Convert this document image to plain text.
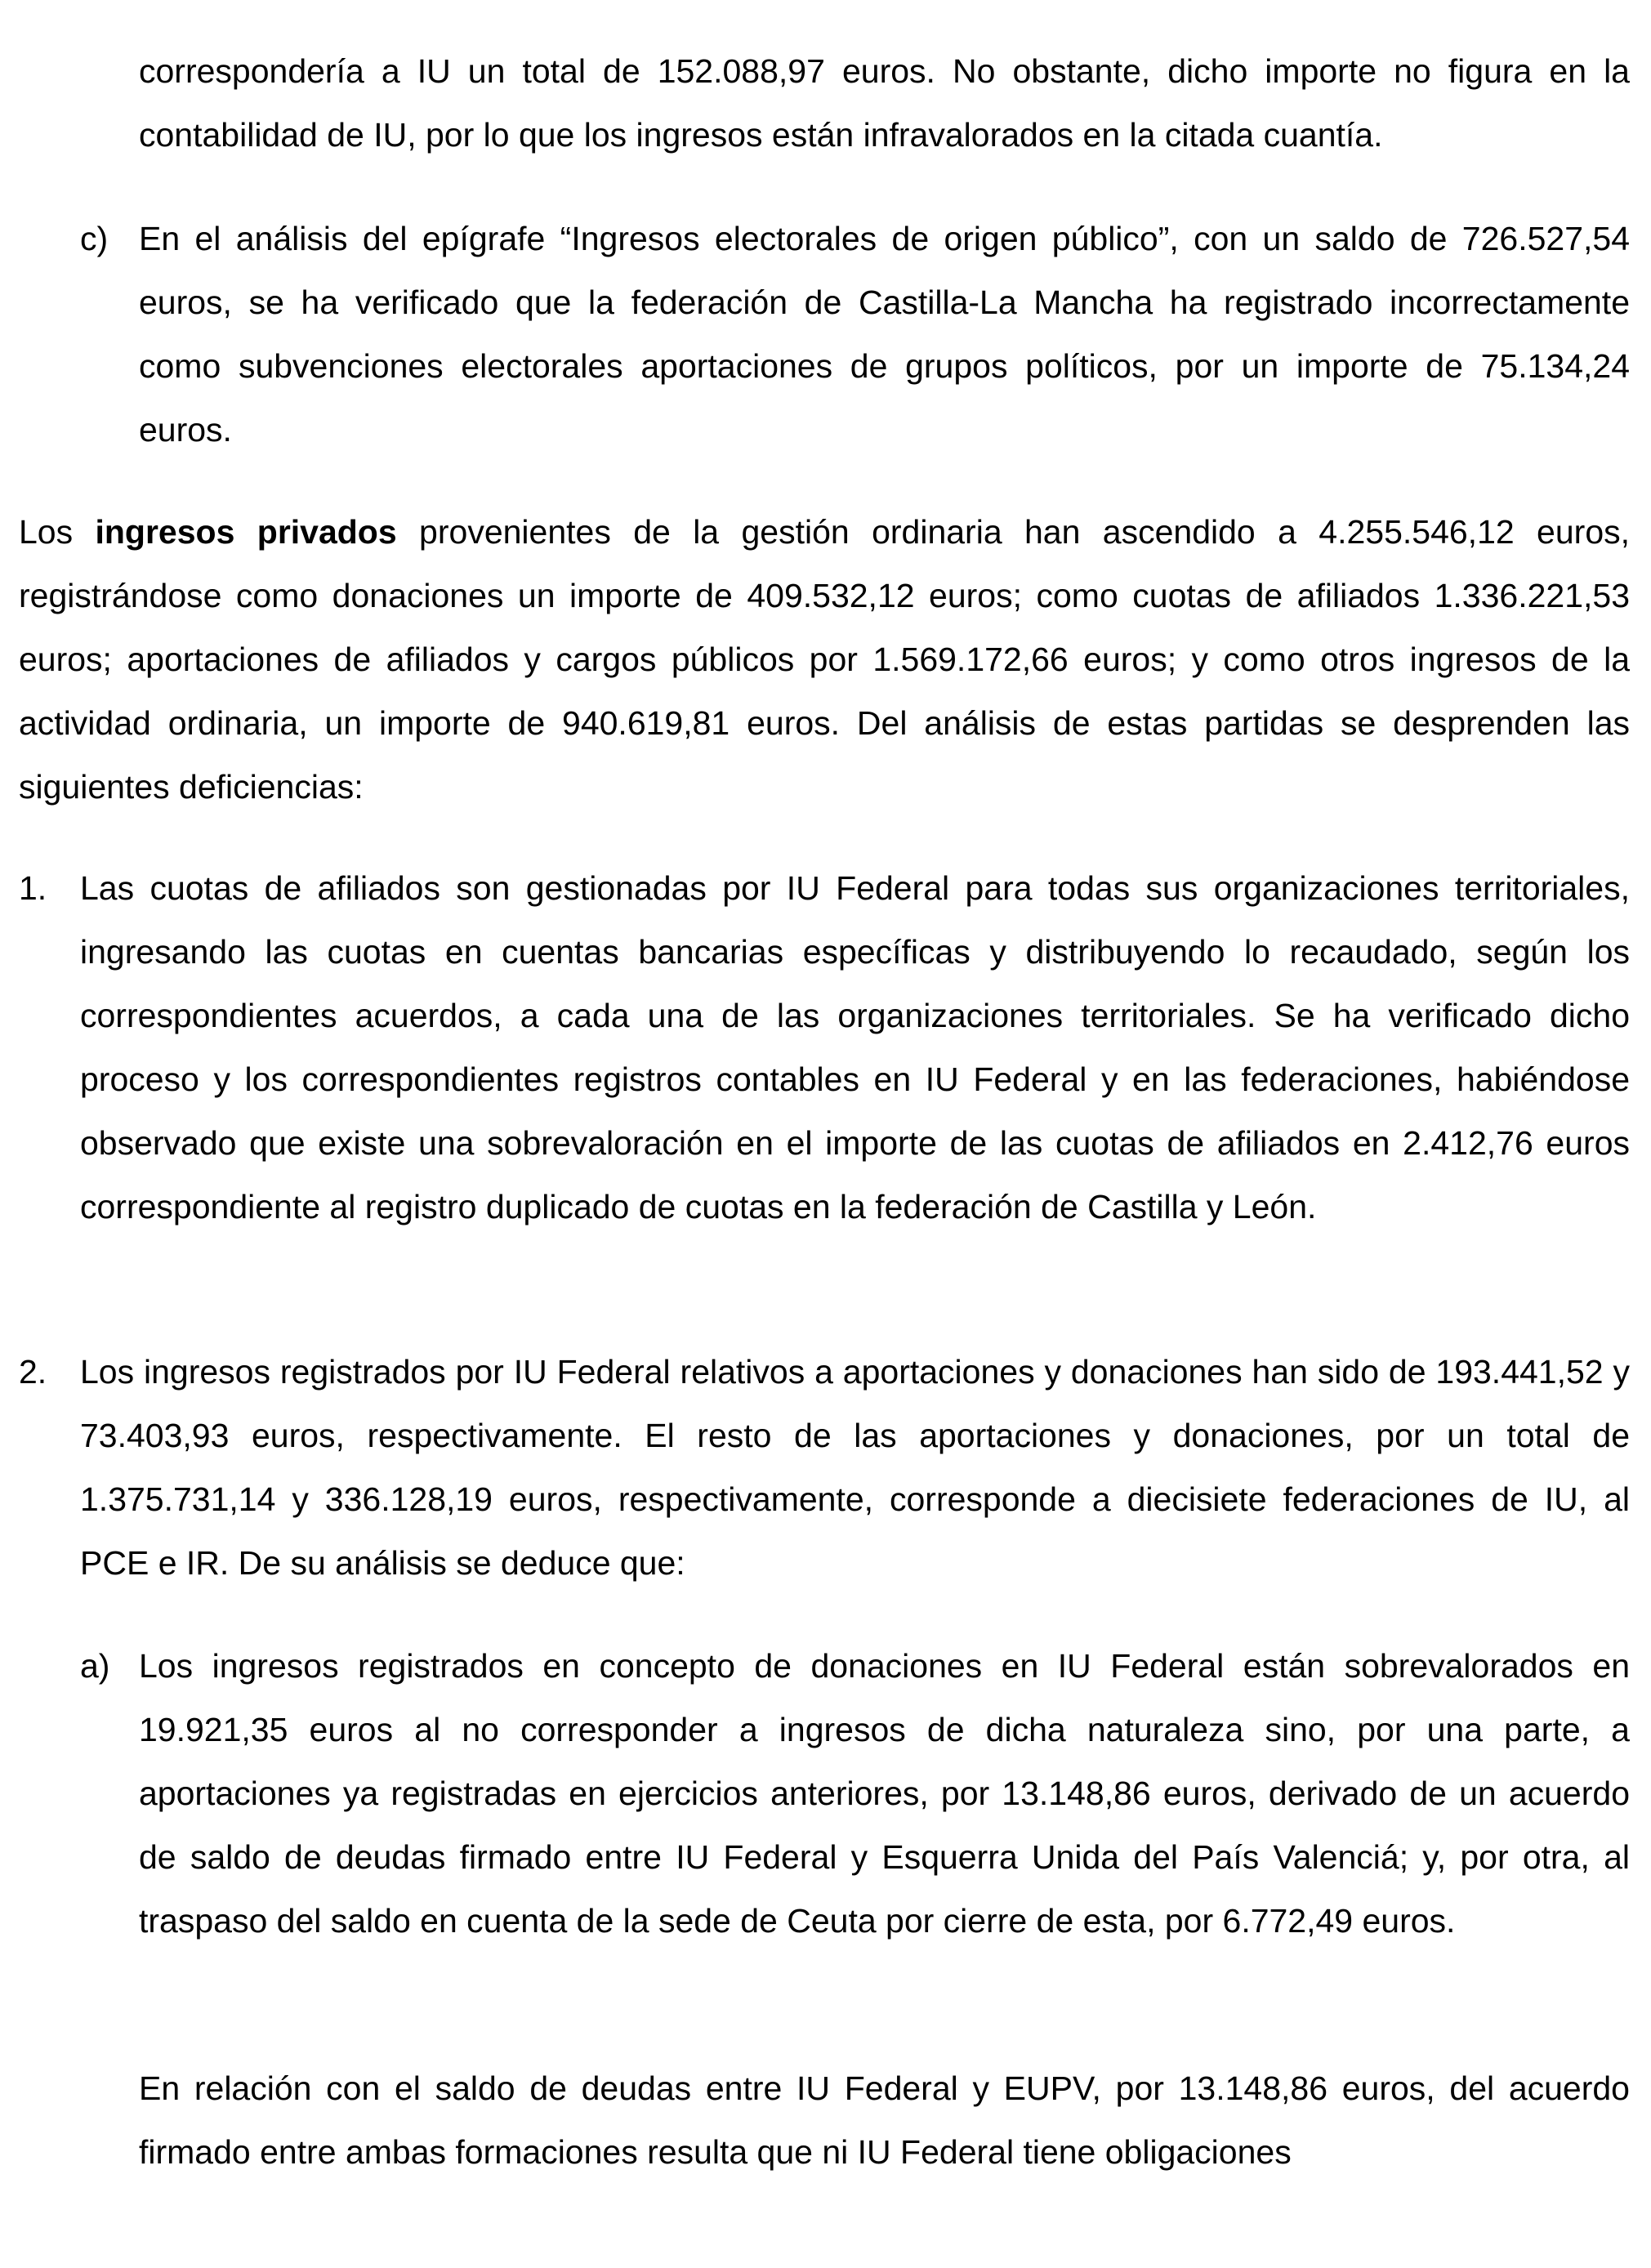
correspondería a IU un total de 152.088,97 euros. No obstante, dicho importe no figura en la contabilidad de IU, por lo que los ingresos están infravalorados en la citada cuantía.

c) En el análisis del epígrafe “Ingresos electorales de origen público”, con un saldo de 726.527,54 euros, se ha verificado que la federación de Castilla-La Mancha ha registrado incorrectamente como subvenciones electorales aportaciones de grupos políticos, por un importe de 75.134,24 euros.

Los ingresos privados provenientes de la gestión ordinaria han ascendido a 4.255.546,12 euros, registrándose como donaciones un importe de 409.532,12 euros; como cuotas de afiliados 1.336.221,53 euros; aportaciones de afiliados y cargos públicos por 1.569.172,66 euros; y como otros ingresos de la actividad ordinaria, un importe de 940.619,81 euros. Del análisis de estas partidas se desprenden las siguientes deficiencias:

1. Las cuotas de afiliados son gestionadas por IU Federal para todas sus organizaciones territoriales, ingresando las cuotas en cuentas bancarias específicas y distribuyendo lo recaudado, según los correspondientes acuerdos, a cada una de las organizaciones territoriales. Se ha verificado dicho proceso y los correspondientes registros contables en IU Federal y en las federaciones, habiéndose observado que existe una sobrevaloración en el importe de las cuotas de afiliados en 2.412,76 euros correspondiente al registro duplicado de cuotas en la federación de Castilla y León.
2. Los ingresos registrados por IU Federal relativos a aportaciones y donaciones han sido de 193.441,52 y 73.403,93 euros, respectivamente. El resto de las aportaciones y donaciones, por un total de 1.375.731,14 y 336.128,19 euros, respectivamente, corresponde a diecisiete federaciones de IU, al PCE e IR. De su análisis se deduce que:
a) Los ingresos registrados en concepto de donaciones en IU Federal están sobrevalorados en 19.921,35 euros al no corresponder a ingresos de dicha naturaleza sino, por una parte, a aportaciones ya registradas en ejercicios anteriores, por 13.148,86 euros, derivado de un acuerdo de saldo de deudas firmado entre IU Federal y Esquerra Unida del País Valenciá; y, por otra, al traspaso del saldo en cuenta de la sede de Ceuta por cierre de esta, por 6.772,49 euros.

En relación con el saldo de deudas entre IU Federal y EUPV, por 13.148,86 euros, del acuerdo firmado entre ambas formaciones resulta que ni IU Federal tiene obligaciones
